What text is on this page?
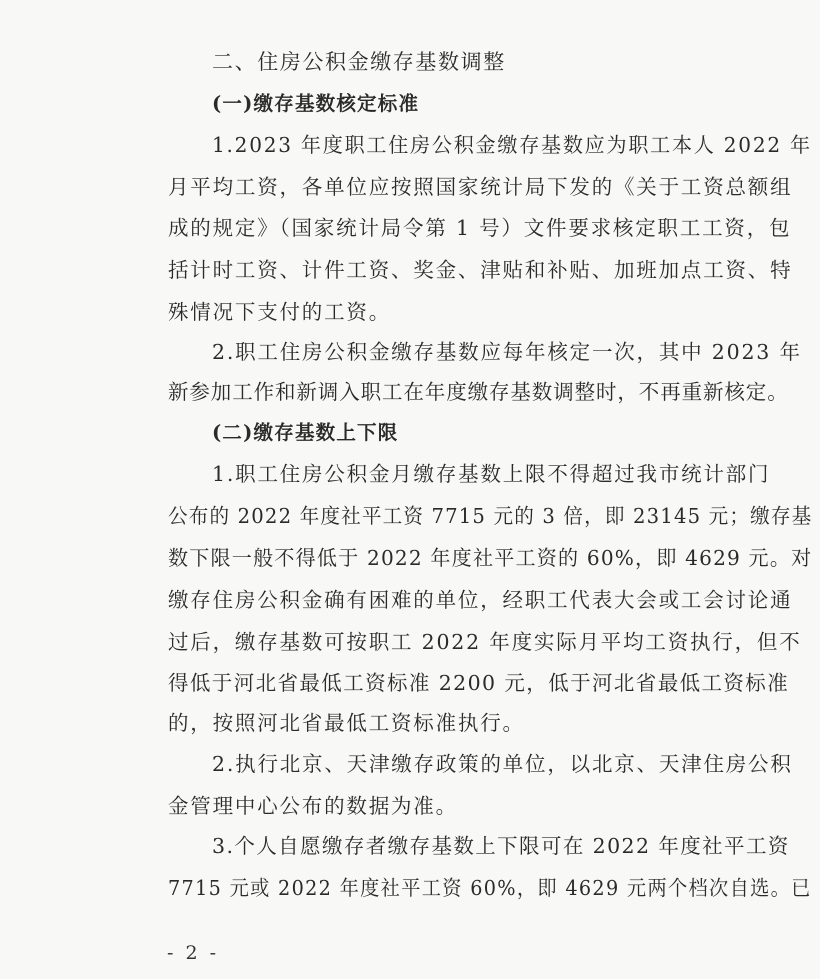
二、住房公积金缴存基数调整
(一)缴存基数核定标准
1.2023 年度职工住房公积金缴存基数应为职工本人 2022 年
月平均工资，各单位应按照国家统计局下发的《关于工资总额组
成的规定》（国家统计局令第 1 号）文件要求核定职工工资，包
括计时工资、计件工资、奖金、津贴和补贴、加班加点工资、特
殊情况下支付的工资。
2.职工住房公积金缴存基数应每年核定一次，其中 2023 年
新参加工作和新调入职工在年度缴存基数调整时，不再重新核定。
(二)缴存基数上下限
1.职工住房公积金月缴存基数上限不得超过我市统计部门
公布的 2022 年度社平工资 7715 元的 3 倍，即 23145 元；缴存基
数下限一般不得低于 2022 年度社平工资的 60%，即 4629 元。对
缴存住房公积金确有困难的单位，经职工代表大会或工会讨论通
过后，缴存基数可按职工 2022 年度实际月平均工资执行，但不
得低于河北省最低工资标准 2200 元，低于河北省最低工资标准
的，按照河北省最低工资标准执行。
2.执行北京、天津缴存政策的单位，以北京、天津住房公积
金管理中心公布的数据为准。
3.个人自愿缴存者缴存基数上下限可在 2022 年度社平工资
7715 元或 2022 年度社平工资 60%，即 4629 元两个档次自选。已
- 2 -
